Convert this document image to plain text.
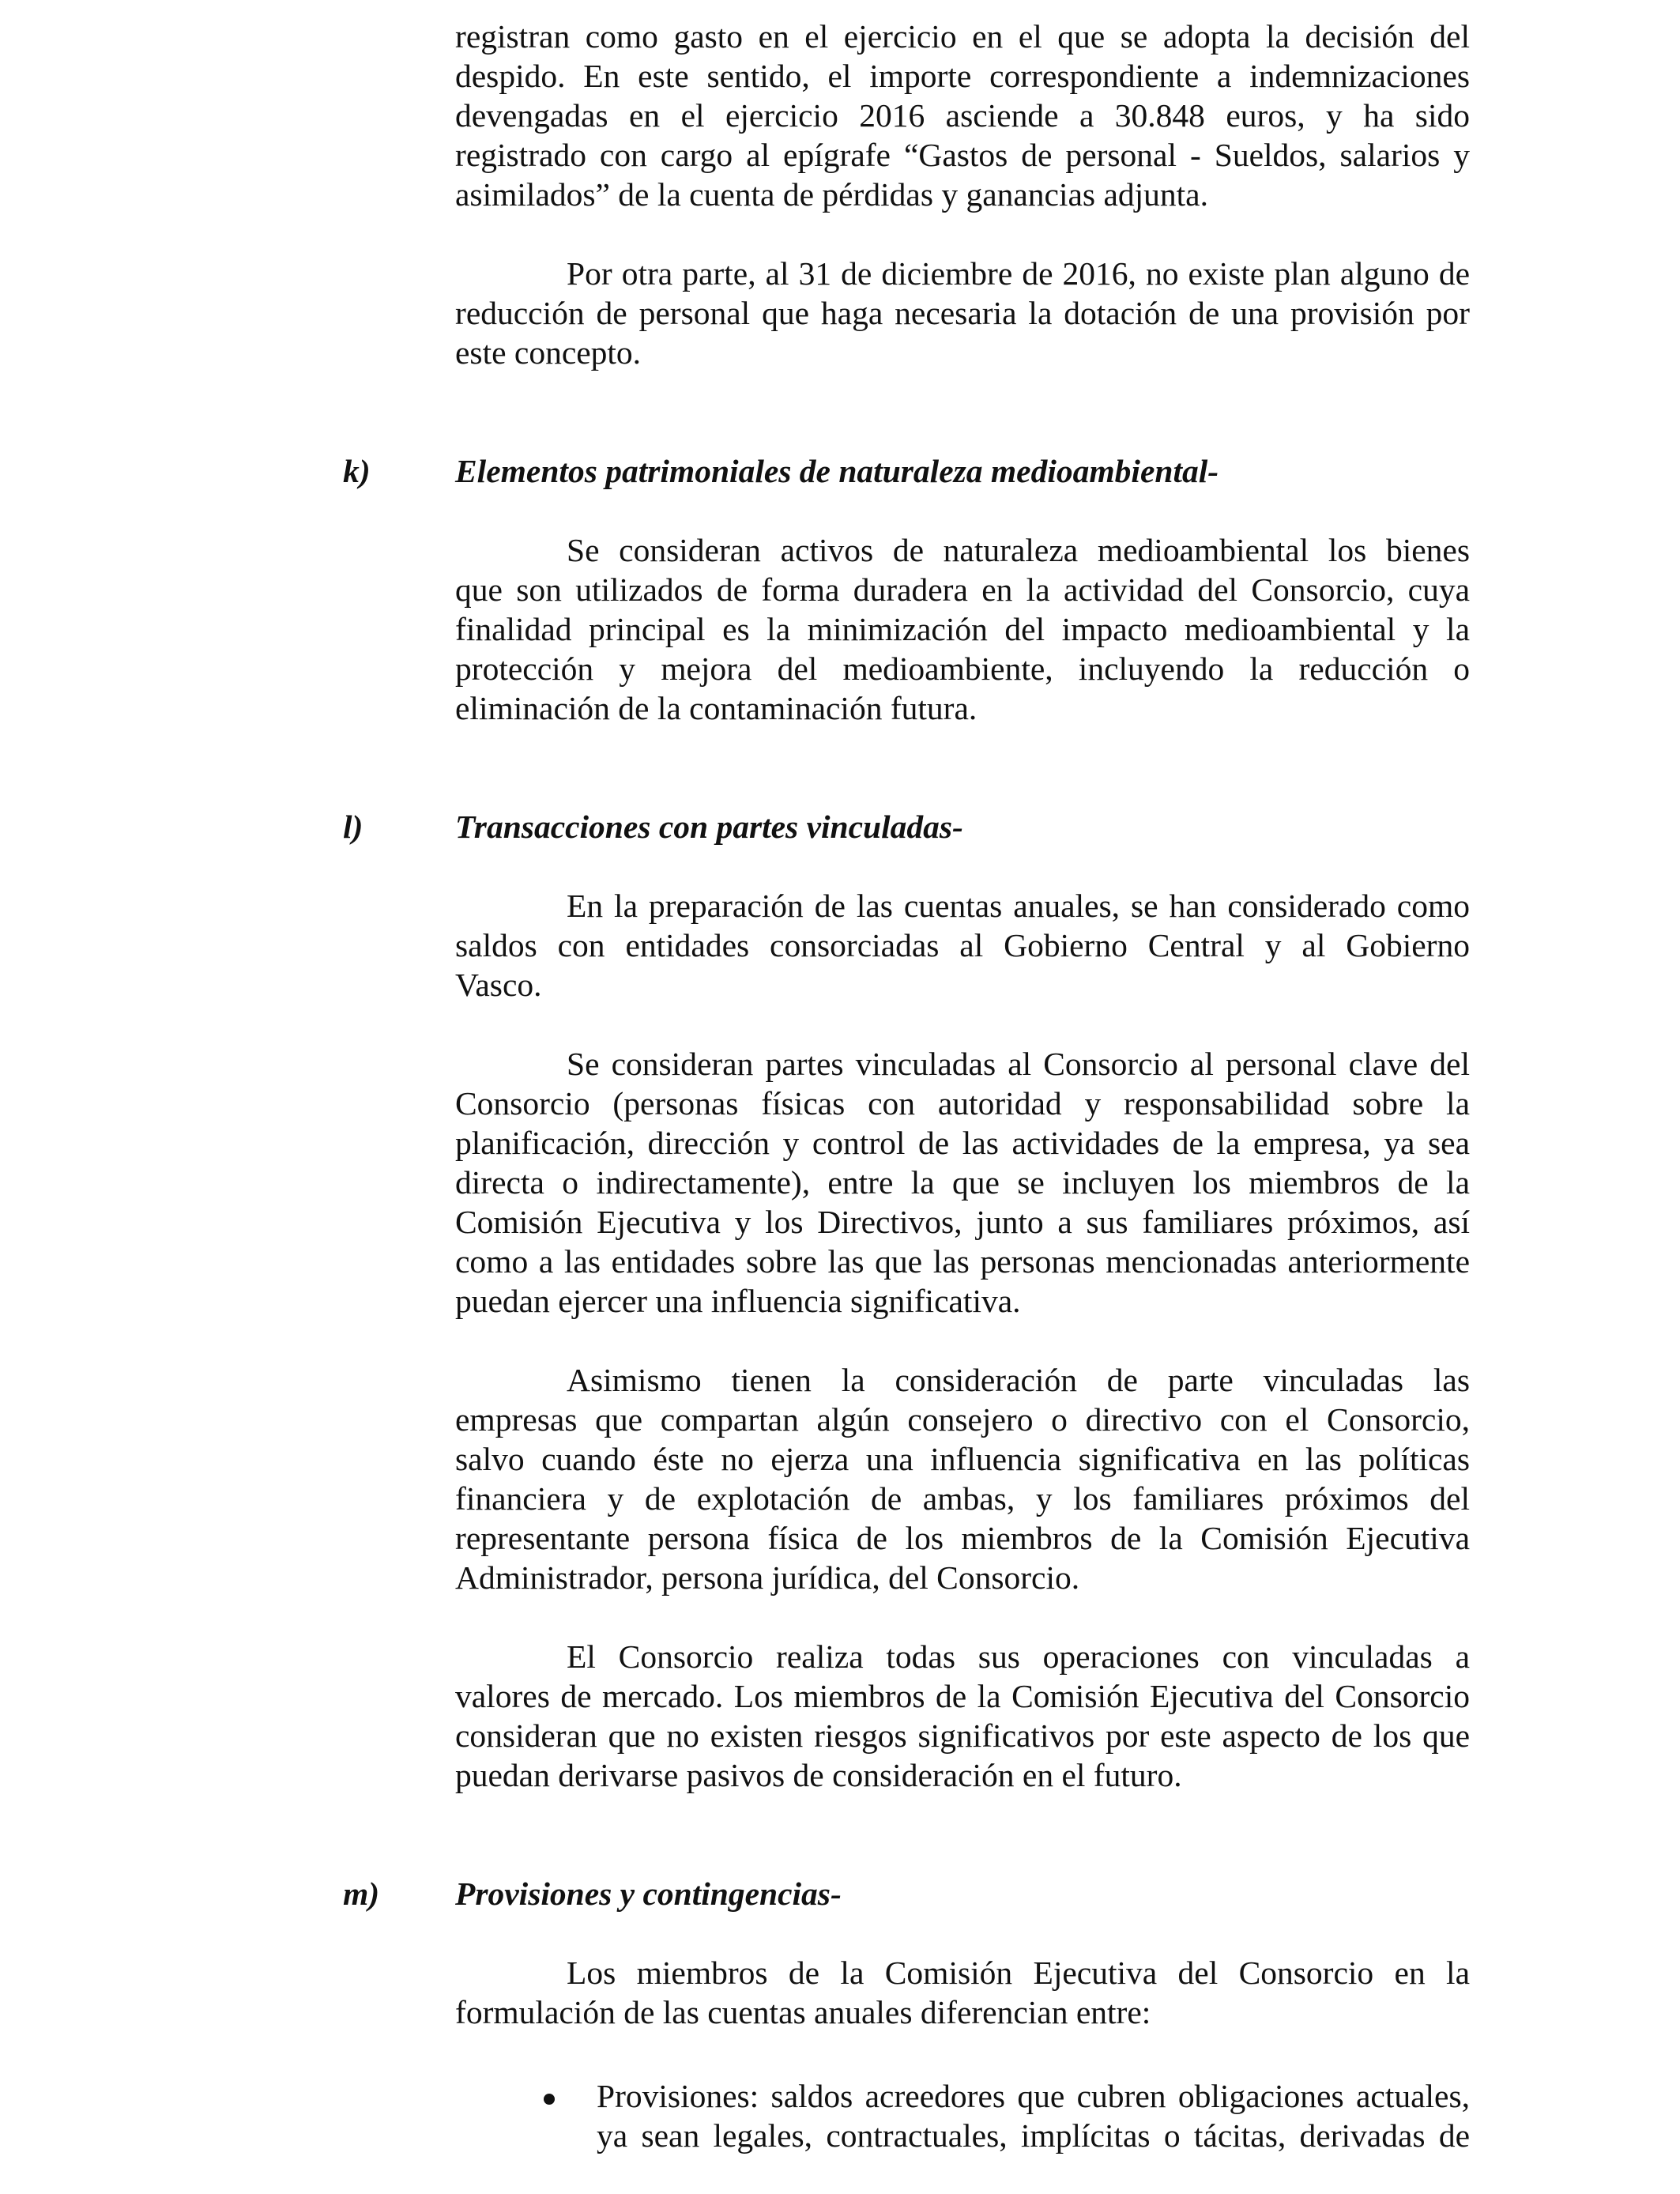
registran como gasto en el ejercicio en el que se adopta la decisión del
despido. En este sentido, el importe correspondiente a indemnizaciones
devengadas en el ejercicio 2016 asciende a 30.848 euros, y ha sido
registrado con cargo al epígrafe “Gastos de personal - Sueldos, salarios y
asimilados” de la cuenta de pérdidas y ganancias adjunta.
Por otra parte, al 31 de diciembre de 2016, no existe plan alguno de
reducción de personal que haga necesaria la dotación de una provisión por
este concepto.
k)	Elementos patrimoniales de naturaleza medioambiental-
Se consideran activos de naturaleza medioambiental los bienes
que son utilizados de forma duradera en la actividad del Consorcio, cuya
finalidad principal es la minimización del impacto medioambiental y la
protección y mejora del medioambiente, incluyendo la reducción o
eliminación de la contaminación futura.
l)	Transacciones con partes vinculadas-
En la preparación de las cuentas anuales, se han considerado como
saldos con entidades consorciadas al Gobierno Central y al Gobierno
Vasco.
Se consideran partes vinculadas al Consorcio al personal clave del
Consorcio (personas físicas con autoridad y responsabilidad sobre la
planificación, dirección y control de las actividades de la empresa, ya sea
directa o indirectamente), entre la que se incluyen los miembros de la
Comisión Ejecutiva y los Directivos, junto a sus familiares próximos, así
como a las entidades sobre las que las personas mencionadas anteriormente
puedan ejercer una influencia significativa.
Asimismo tienen la consideración de parte vinculadas las
empresas que compartan algún consejero o directivo con el Consorcio,
salvo cuando éste no ejerza una influencia significativa en las políticas
financiera y de explotación de ambas, y los familiares próximos del
representante persona física de los miembros de la Comisión Ejecutiva
Administrador, persona jurídica, del Consorcio.
El Consorcio realiza todas sus operaciones con vinculadas a
valores de mercado. Los miembros de la Comisión Ejecutiva del Consorcio
consideran que no existen riesgos significativos por este aspecto de los que
puedan derivarse pasivos de consideración en el futuro.
m) Provisiones y contingencias-
Los miembros de la Comisión Ejecutiva del Consorcio en la
formulación de las cuentas anuales diferencian entre:
Provisiones: saldos acreedores que cubren obligaciones actuales,
ya sean legales, contractuales, implícitas o tácitas, derivadas de
